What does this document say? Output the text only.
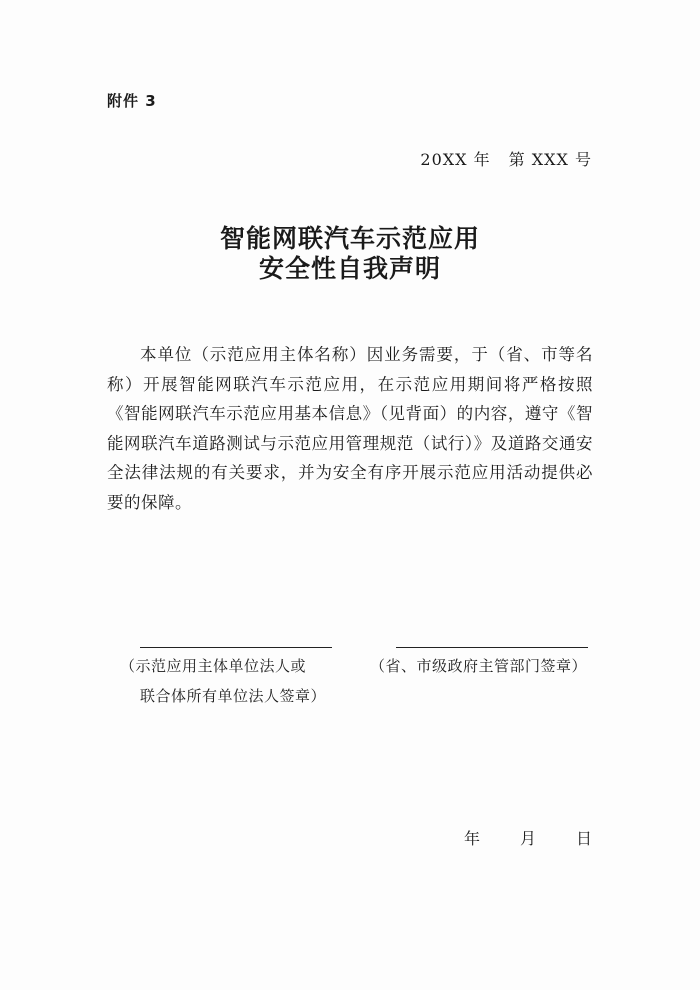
附件 3
20XX 年 第 XXX 号
智能网联汽车示范应用
安全性自我声明
本单位（示范应用主体名称）因业务需要，于（省、市等名称）开展智能网联汽车示范应用，在示范应用期间将严格按照《智能网联汽车示范应用基本信息》（见背面）的内容，遵守《智能网联汽车道路测试与示范应用管理规范（试行）》及道路交通安全法律法规的有关要求，并为安全有序开展示范应用活动提供必要的保障。
（示范应用主体单位法人或
联合体所有单位法人签章）
（省、市级政府主管部门签章）
年 月 日
